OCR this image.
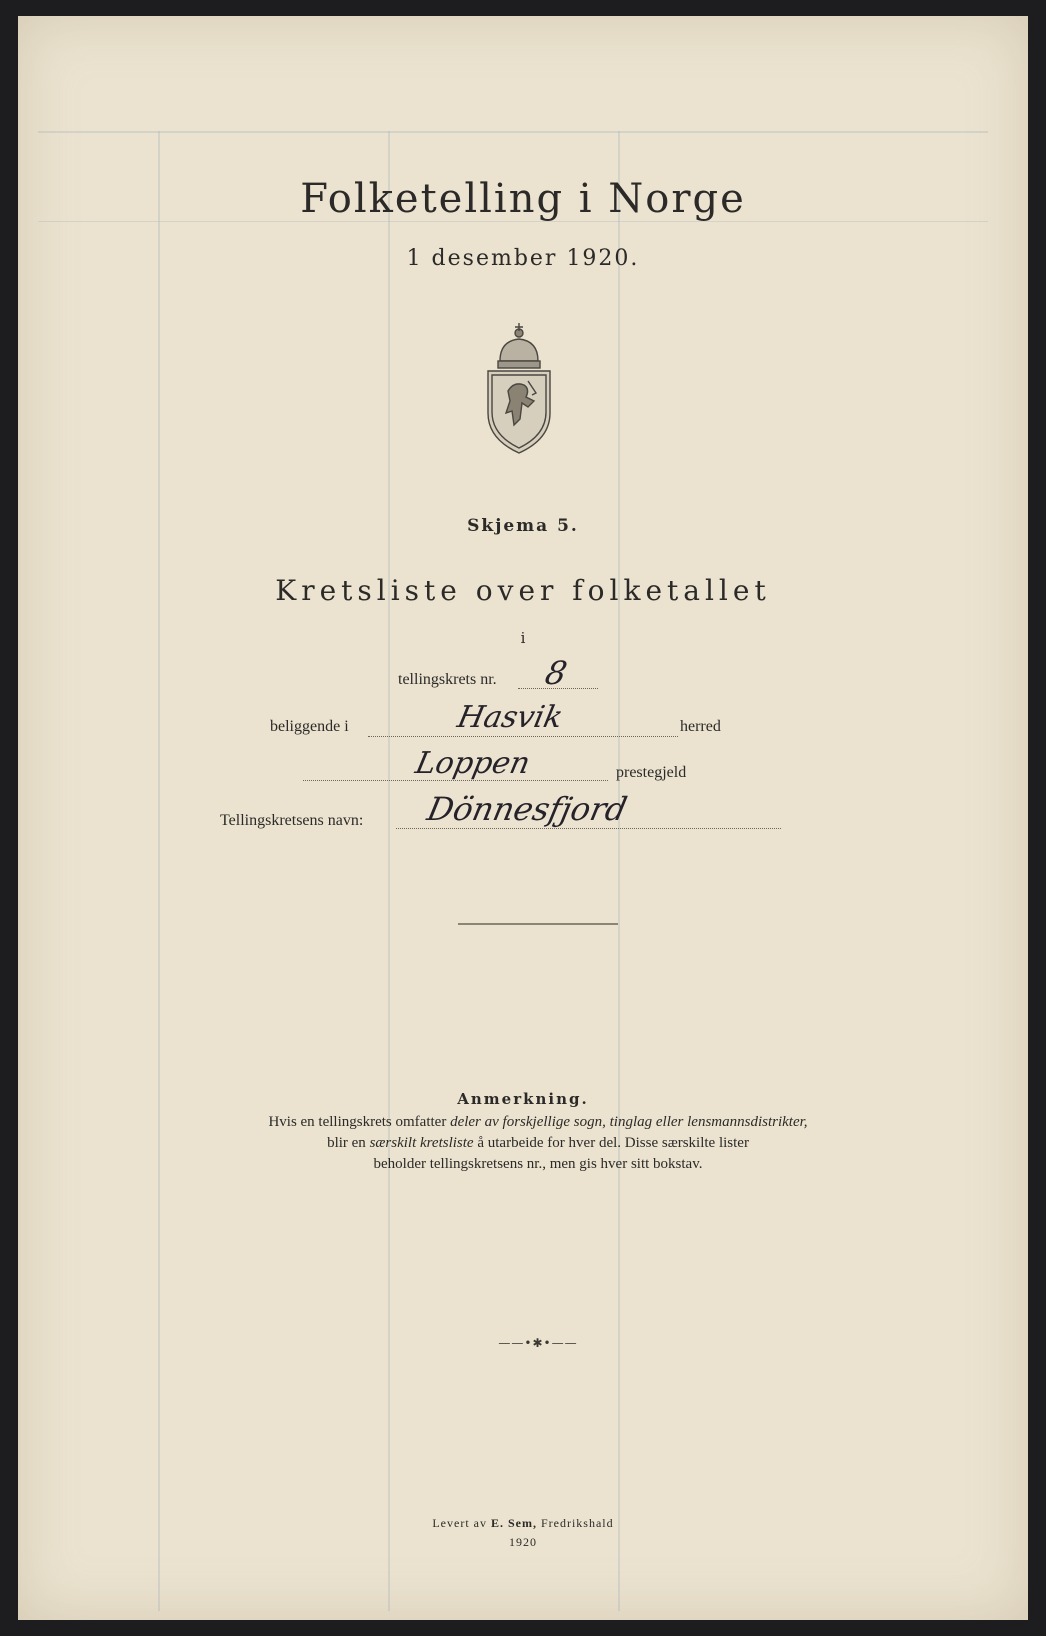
Folketelling i Norge
1 desember 1920.
Skjema 5.
Kretsliste over folketallet
i
tellingskrets nr. 8
beliggende i	Hasvik	herred
Loppen	prestegjeld
Tellingskretsens navn: Dönnesfjord
Anmerkning.
Hvis en tellingskrets omfatter deler av forskjellige sogn, tinglag eller lensmannsdistrikter,
blir en særskilt kretsliste å utarbeide for hver del. Disse særskilte lister
beholder tellingskretsens nr., men gis hver sitt bokstav.
——•✱•——
Levert av E. Sem, Fredrikshald
1920
